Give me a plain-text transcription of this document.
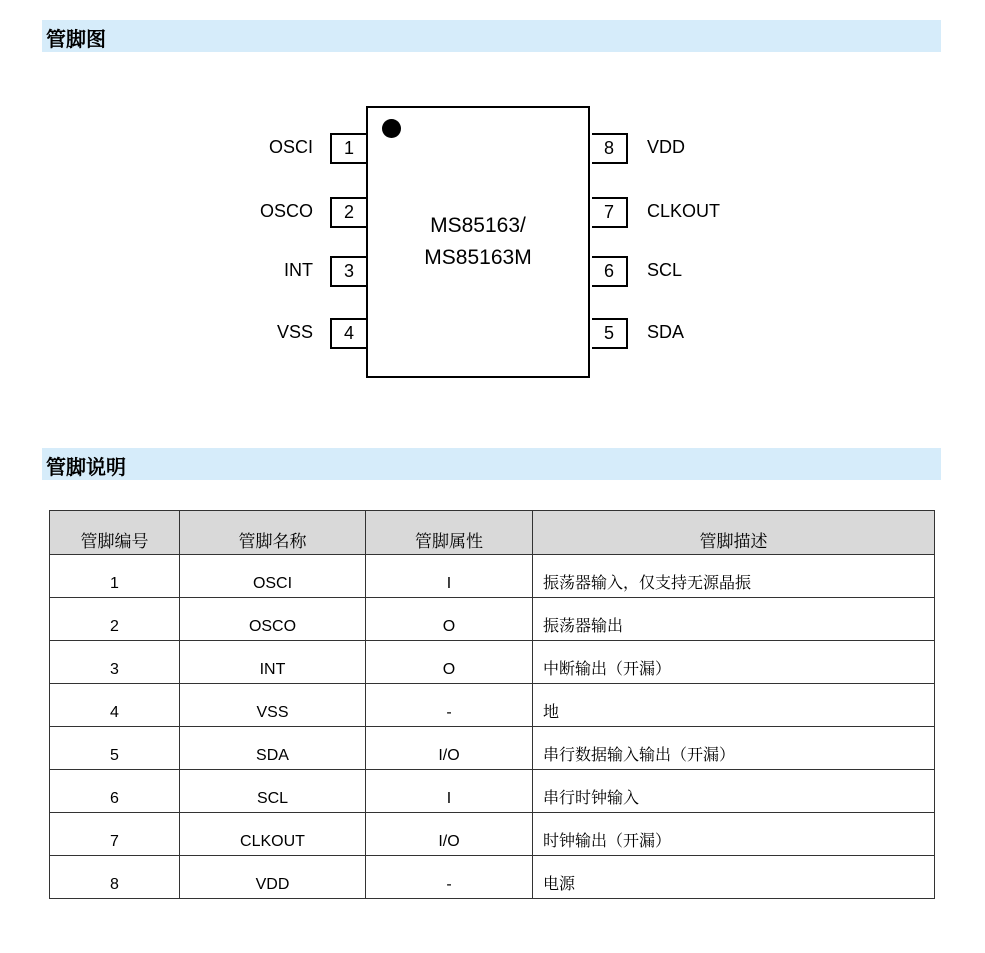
管脚图
MS85163/
MS85163M
OSCI	1
OSCO	2
INT	3
VSS	4
8	VDD
7	CLKOUT
6	SCL
5	SDA
管脚说明
管脚编号	管脚名称	管脚属性	管脚描述
1	OSCI	I	振荡器输入，仅支持无源晶振
2	OSCO	O	振荡器输出
3	INT	O	中断输出（开漏）
4	VSS	-	地
5	SDA	I/O	串行数据输入输出（开漏）
6	SCL	I	串行时钟输入
7	CLKOUT	I/O	时钟输出（开漏）
8	VDD	-	电源
